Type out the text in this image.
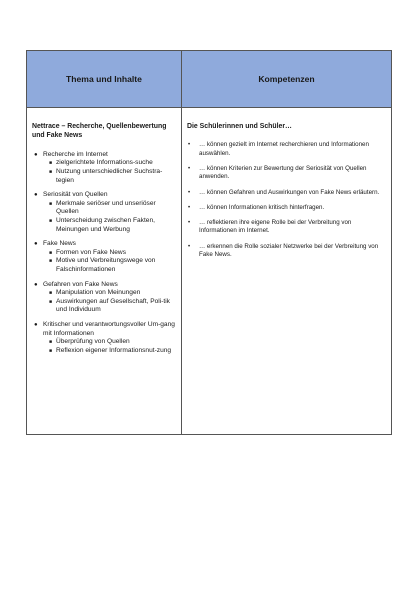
Thema und Inhalte	Kompetenzen
Nettrace – Recherche, Quellenbewertung und Fake News
● Recherche im Internet
■ zielgerichtete Informations-suche
■ Nutzung unterschiedlicher Suchstra-tegien
● Seriosität von Quellen
■ Merkmale seriöser und unseriöser Quellen
■ Unterscheidung zwischen Fakten, Meinungen und Werbung
● Fake News
■ Formen von Fake News
■ Motive und Verbreitungswege von Falschinformationen
● Gefahren von Fake News
■ Manipulation von Meinungen
■ Auswirkungen auf Gesellschaft, Poli-tik und Individuum
● Kritischer und verantwortungsvoller Um-gang mit Informationen
■ Überprüfung von Quellen
■ Reflexion eigener Informationsnut-zung
Die Schülerinnen und Schüler…
•	… können gezielt im Internet recherchieren und Informationen auswählen.
•	… können Kriterien zur Bewertung der Seriosität von Quellen anwenden.
•	… können Gefahren und Auswirkungen von Fake News erläutern.
•	… können Informationen kritisch hinterfragen.
•	… reflektieren ihre eigene Rolle bei der Verbreitung von Informationen im Internet.
•	… erkennen die Rolle sozialer Netzwerke bei der Verbreitung von Fake News.
